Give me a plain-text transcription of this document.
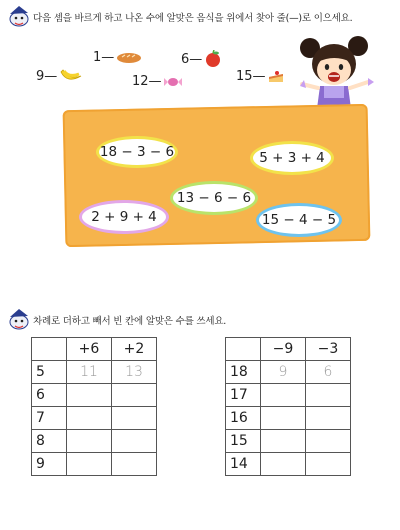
다음 셈을 바르게 하고 나온 수에 알맞은 음식을 위에서 찾아 줄(—)로 이으세요.
1—	6—
9—	12—	15—
18 − 3 − 6	5 + 3 + 4
13 − 6 − 6
2 + 9 + 4	15 − 4 − 5
차례로 더하고 빼서 빈 칸에 알맞은 수를 쓰세요.
	+6	+2
5	11	13
6		
7		
8		
9		
	−9	−3
18	9	6
17		
16		
15		
14		
